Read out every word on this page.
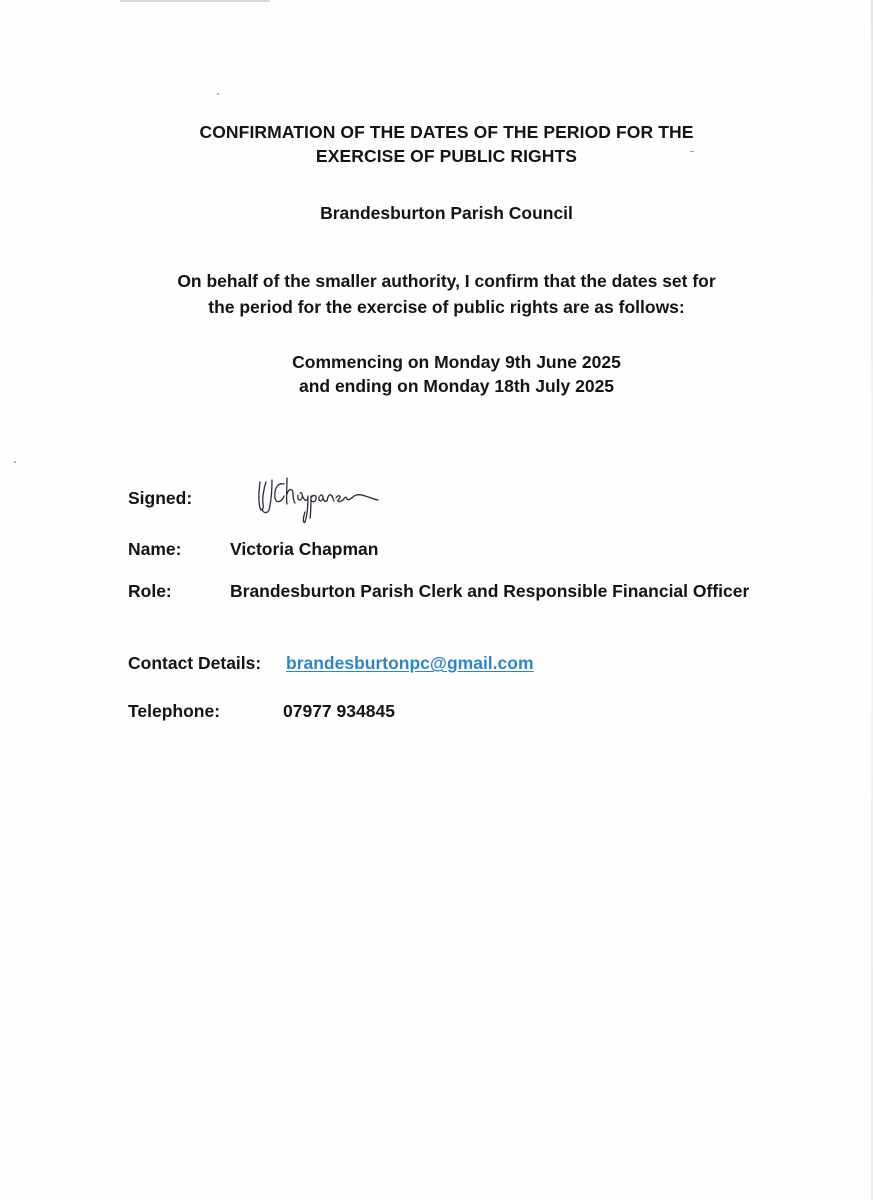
CONFIRMATION OF THE DATES OF THE PERIOD FOR THE
EXERCISE OF PUBLIC RIGHTS
Brandesburton Parish Council
On behalf of the smaller authority, I confirm that the dates set for
the period for the exercise of public rights are as follows:
Commencing on Monday 9th June 2025
and ending on Monday 18th July 2025
Signed:
Name:	Victoria Chapman
Role:	Brandesburton Parish Clerk and Responsible Financial Officer
Contact Details: brandesburtonpc@gmail.com
Telephone:	07977 934845
